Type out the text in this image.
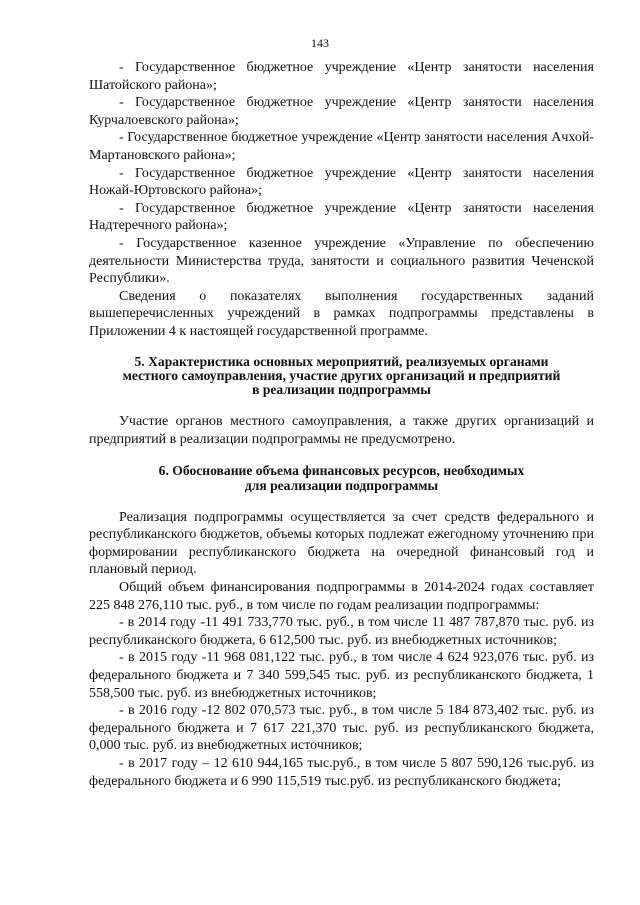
143

- Государственное бюджетное учреждение «Центр занятости населения Шатойского района»;

- Государственное бюджетное учреждение «Центр занятости населения Курчалоевского района»;

- Государственное бюджетное учреждение «Центр занятости населения Ачхой-Мартановского района»;

- Государственное бюджетное учреждение «Центр занятости населения Ножай-Юртовского района»;

- Государственное бюджетное учреждение «Центр занятости населения Надтеречного района»;

- Государственное казенное учреждение «Управление по обеспечению деятельности Министерства труда, занятости и социального развития Чеченской Республики».

Сведения о показателях выполнения государственных заданий вышеперечисленных учреждений в рамках подпрограммы представлены в Приложении 4 к настоящей государственной программе.

5. Характеристика основных мероприятий, реализуемых органами
местного самоуправления, участие других организаций и предприятий
в реализации подпрограммы

Участие органов местного самоуправления, а также других организаций и предприятий в реализации подпрограммы не предусмотрено.

6. Обоснование объема финансовых ресурсов, необходимых
для реализации подпрограммы

Реализация подпрограммы осуществляется за счет средств федерального и республиканского бюджетов, объемы которых подлежат ежегодному уточнению при формировании республиканского бюджета на очередной финансовый год и плановый период.

Общий объем финансирования подпрограммы в 2014-2024 годах составляет 225 848 276,110 тыс. руб., в том числе по годам реализации подпрограммы:

- в 2014 году -11 491 733,770 тыс. руб., в том числе 11 487 787,870 тыс. руб. из республиканского бюджета, 6 612,500 тыс. руб. из внебюджетных источников;

- в 2015 году -11 968 081,122 тыс. руб., в том числе 4 624 923,076 тыс. руб. из федерального бюджета и 7 340 599,545 тыс. руб. из республиканского бюджета, 1 558,500 тыс. руб. из внебюджетных источников;

- в 2016 году -12 802 070,573 тыс. руб., в том числе 5 184 873,402 тыс. руб. из федерального бюджета и 7 617 221,370 тыс. руб. из республиканского бюджета, 0,000 тыс. руб. из внебюджетных источников;

- в 2017 году – 12 610 944,165 тыс.руб., в том числе 5 807 590,126 тыс.руб. из федерального бюджета и 6 990 115,519 тыс.руб. из республиканского бюджета;
